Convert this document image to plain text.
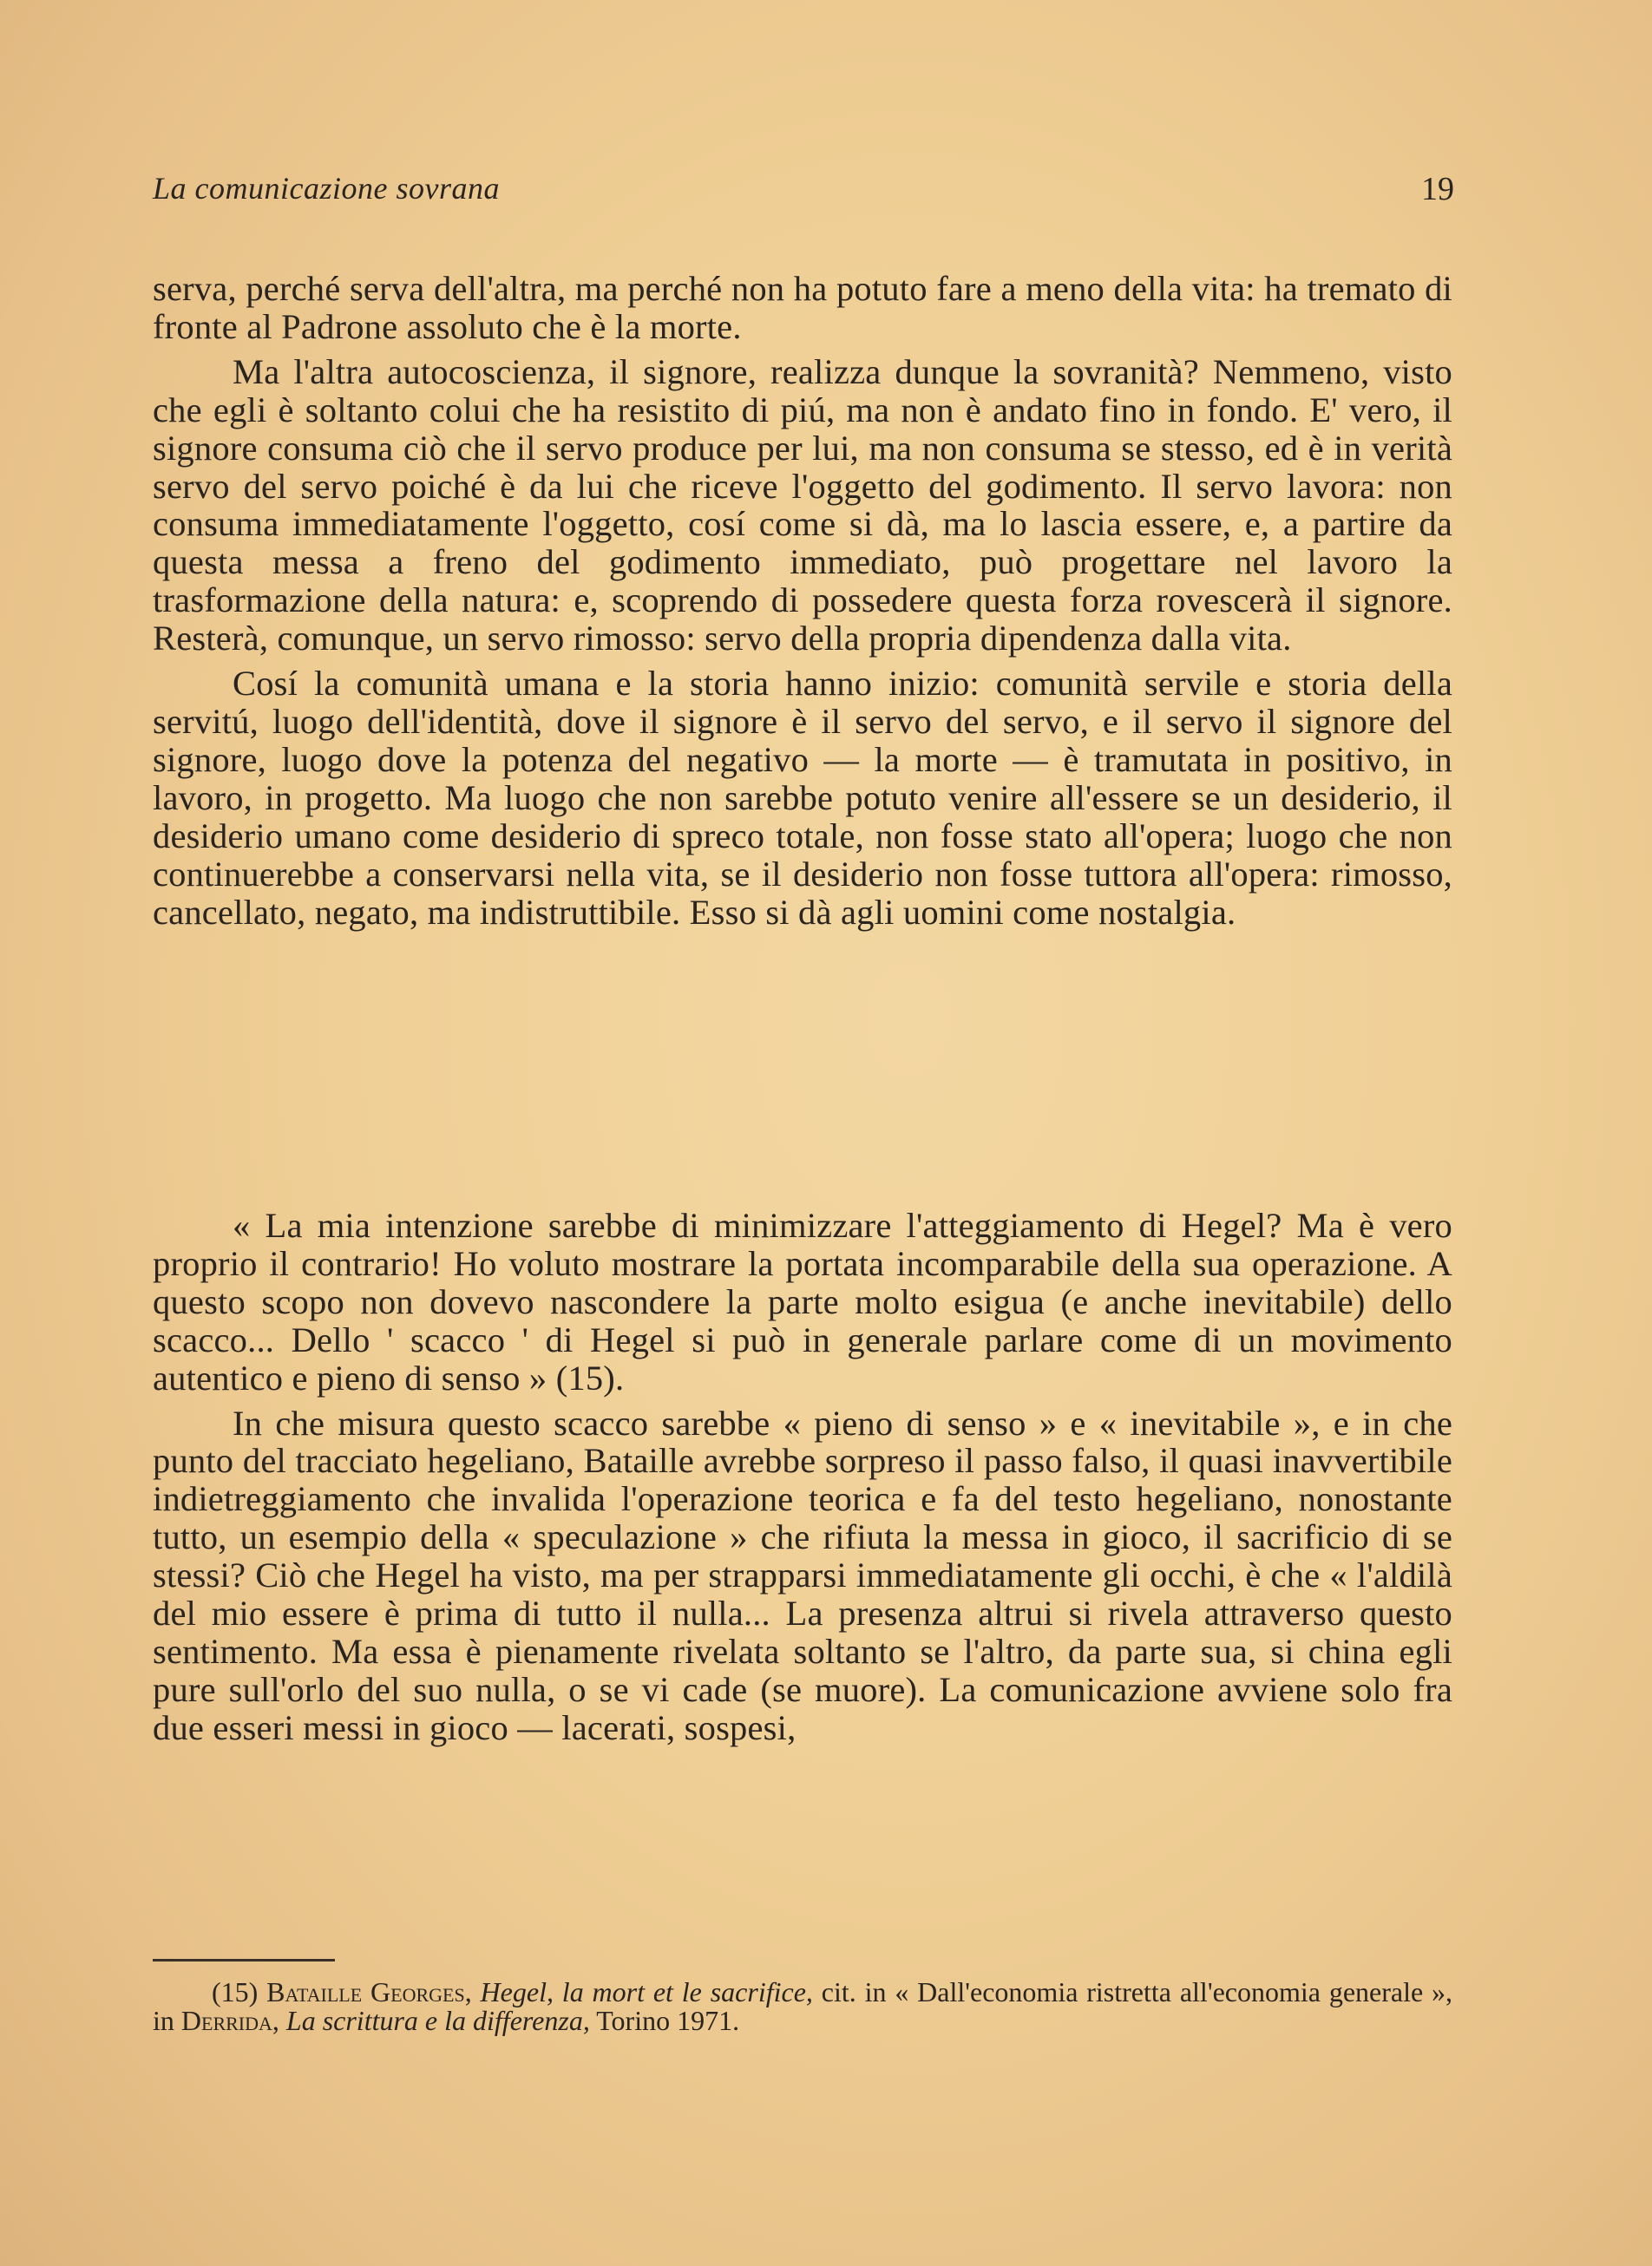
La comunicazione sovrana	19

serva, perché serva dell'altra, ma perché non ha potuto fare a meno della vita: ha tremato di fronte al Padrone assoluto che è la morte.

Ma l'altra autocoscienza, il signore, realizza dunque la sovranità? Nemmeno, visto che egli è soltanto colui che ha resistito di piú, ma non è andato fino in fondo. E' vero, il signore consuma ciò che il servo produce per lui, ma non consuma se stesso, ed è in verità servo del servo poiché è da lui che riceve l'oggetto del godimento. Il servo lavora: non consuma immediatamente l'oggetto, cosí come si dà, ma lo lascia essere, e, a partire da questa messa a freno del godimento immediato, può progettare nel lavoro la trasformazione della natura: e, scoprendo di possedere questa forza rovescerà il signore. Resterà, comunque, un servo rimosso: servo della propria dipendenza dalla vita.

Cosí la comunità umana e la storia hanno inizio: comunità servile e storia della servitú, luogo dell'identità, dove il signore è il servo del servo, e il servo il signore del signore, luogo dove la potenza del negativo — la morte — è tramutata in positivo, in lavoro, in progetto. Ma luogo che non sarebbe potuto venire all'essere se un desiderio, il desiderio umano come desiderio di spreco totale, non fosse stato all'opera; luogo che non continuerebbe a conservarsi nella vita, se il desiderio non fosse tuttora all'opera: rimosso, cancellato, negato, ma indistruttibile. Esso si dà agli uomini come nostalgia.

« La mia intenzione sarebbe di minimizzare l'atteggiamento di Hegel? Ma è vero proprio il contrario! Ho voluto mostrare la portata incomparabile della sua operazione. A questo scopo non dovevo nascondere la parte molto esigua (e anche inevitabile) dello scacco... Dello ' scacco ' di Hegel si può in generale parlare come di un movimento autentico e pieno di senso » (15).

In che misura questo scacco sarebbe « pieno di senso » e « inevitabile », e in che punto del tracciato hegeliano, Bataille avrebbe sorpreso il passo falso, il quasi inavvertibile indietreggiamento che invalida l'operazione teorica e fa del testo hegeliano, nonostante tutto, un esempio della « speculazione » che rifiuta la messa in gioco, il sacrificio di se stessi? Ciò che Hegel ha visto, ma per strapparsi immediatamente gli occhi, è che « l'aldilà del mio essere è prima di tutto il nulla... La presenza altrui si rivela attraverso questo sentimento. Ma essa è pienamente rivelata soltanto se l'altro, da parte sua, si china egli pure sull'orlo del suo nulla, o se vi cade (se muore). La comunicazione avviene solo fra due esseri messi in gioco — lacerati, sospesi,

(15) Bataille Georges, Hegel, la mort et le sacrifice, cit. in « Dall'economia ristretta all'economia generale », in Derrida, La scrittura e la differenza, Torino 1971.
